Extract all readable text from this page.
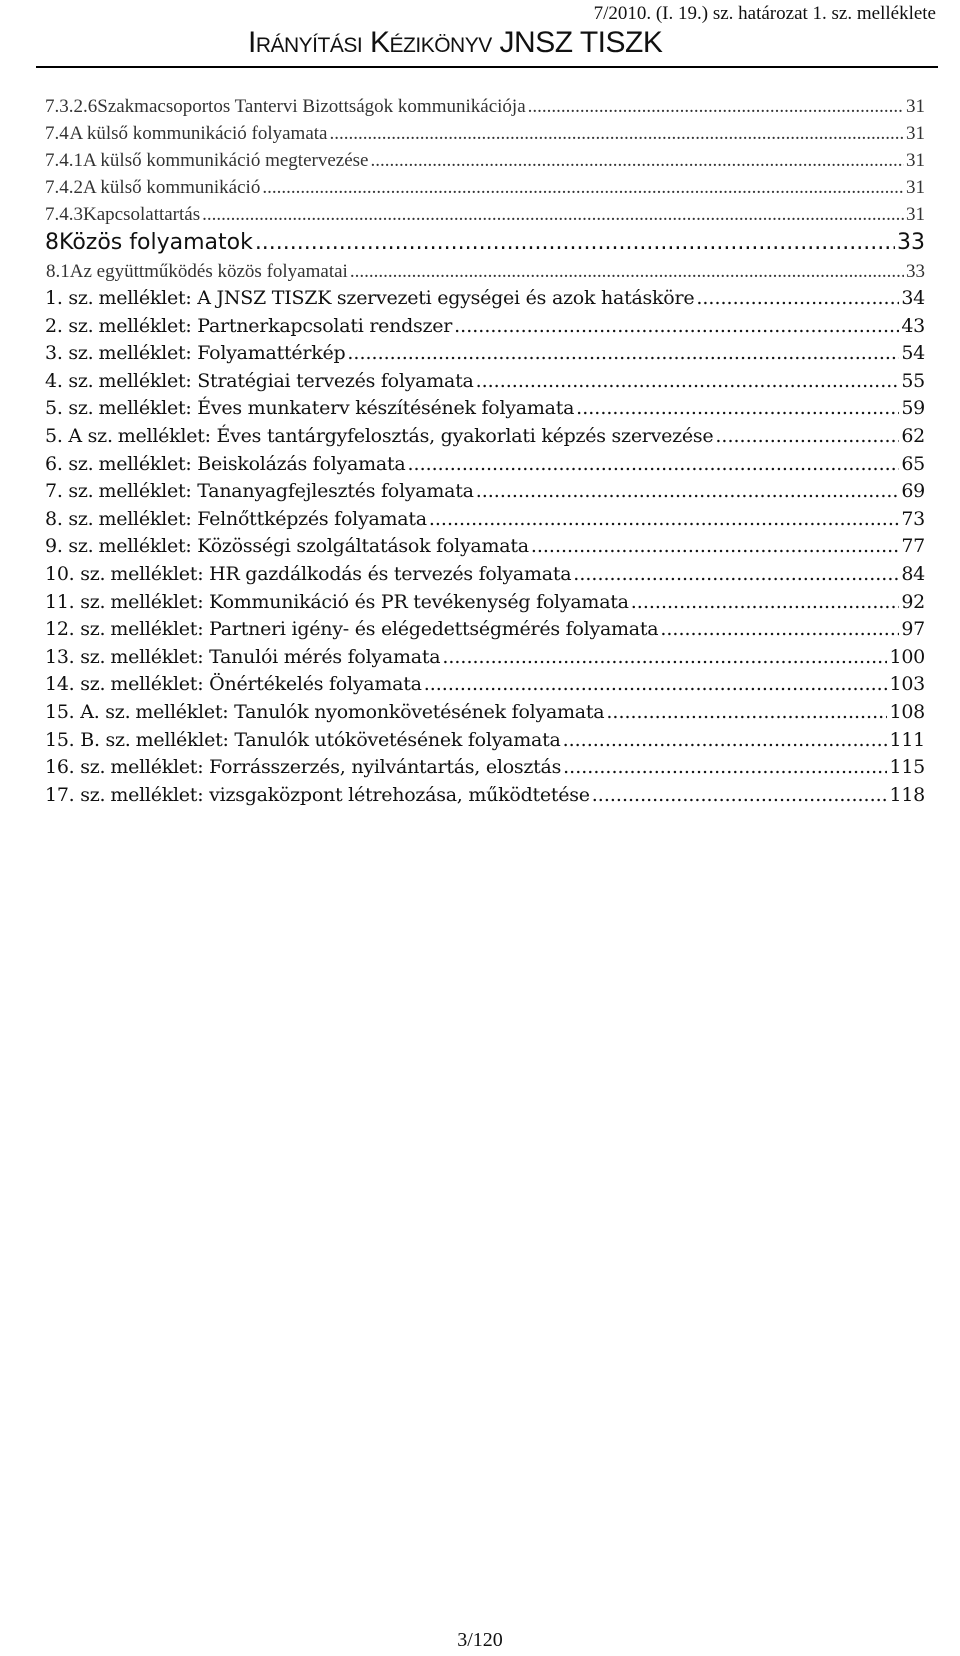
7/2010. (I. 19.) sz. határozat 1. sz. melléklete
Irányítási Kézikönyv JNSZ TISZK
7.3.2.6 Szakmacsoportos Tantervi Bizottságok kommunikációja .....	31
7.4 A külső kommunikáció folyamata .....	31
7.4.1 A külső kommunikáció megtervezése .....	31
7.4.2 A külső kommunikáció .....	31
7.4.3 Kapcsolattartás .....	31
8 Közös folyamatok .....	33
8.1 Az együttműködés közös folyamatai .....	33
1. sz. melléklet: A JNSZ TISZK szervezeti egységei és azok hatásköre .....	34
2. sz. melléklet: Partnerkapcsolati rendszer .....	43
3. sz. melléklet: Folyamattérkép .....	54
4. sz. melléklet: Stratégiai tervezés folyamata .....	55
5. sz. melléklet: Éves munkaterv készítésének folyamata .....	59
5. A sz. melléklet: Éves tantárgyfelosztás, gyakorlati képzés szervezése .....	62
6. sz. melléklet: Beiskolázás folyamata .....	65
7. sz. melléklet: Tananyagfejlesztés folyamata .....	69
8. sz. melléklet: Felnőttképzés folyamata .....	73
9. sz. melléklet: Közösségi szolgáltatások folyamata .....	77
10. sz. melléklet: HR gazdálkodás és tervezés folyamata .....	84
11. sz. melléklet: Kommunikáció és PR tevékenység folyamata .....	92
12. sz. melléklet: Partneri igény- és elégedettségmérés folyamata .....	97
13. sz. melléklet: Tanulói mérés folyamata .....	100
14. sz. melléklet: Önértékelés folyamata .....	103
15. A. sz. melléklet: Tanulók nyomonkövetésének folyamata .....	108
15. B. sz. melléklet: Tanulók utókövetésének folyamata .....	111
16. sz. melléklet: Forrásszerzés, nyilvántartás, elosztás .....	115
17. sz. melléklet: vizsgaközpont létrehozása, működtetése .....	118
3/120
